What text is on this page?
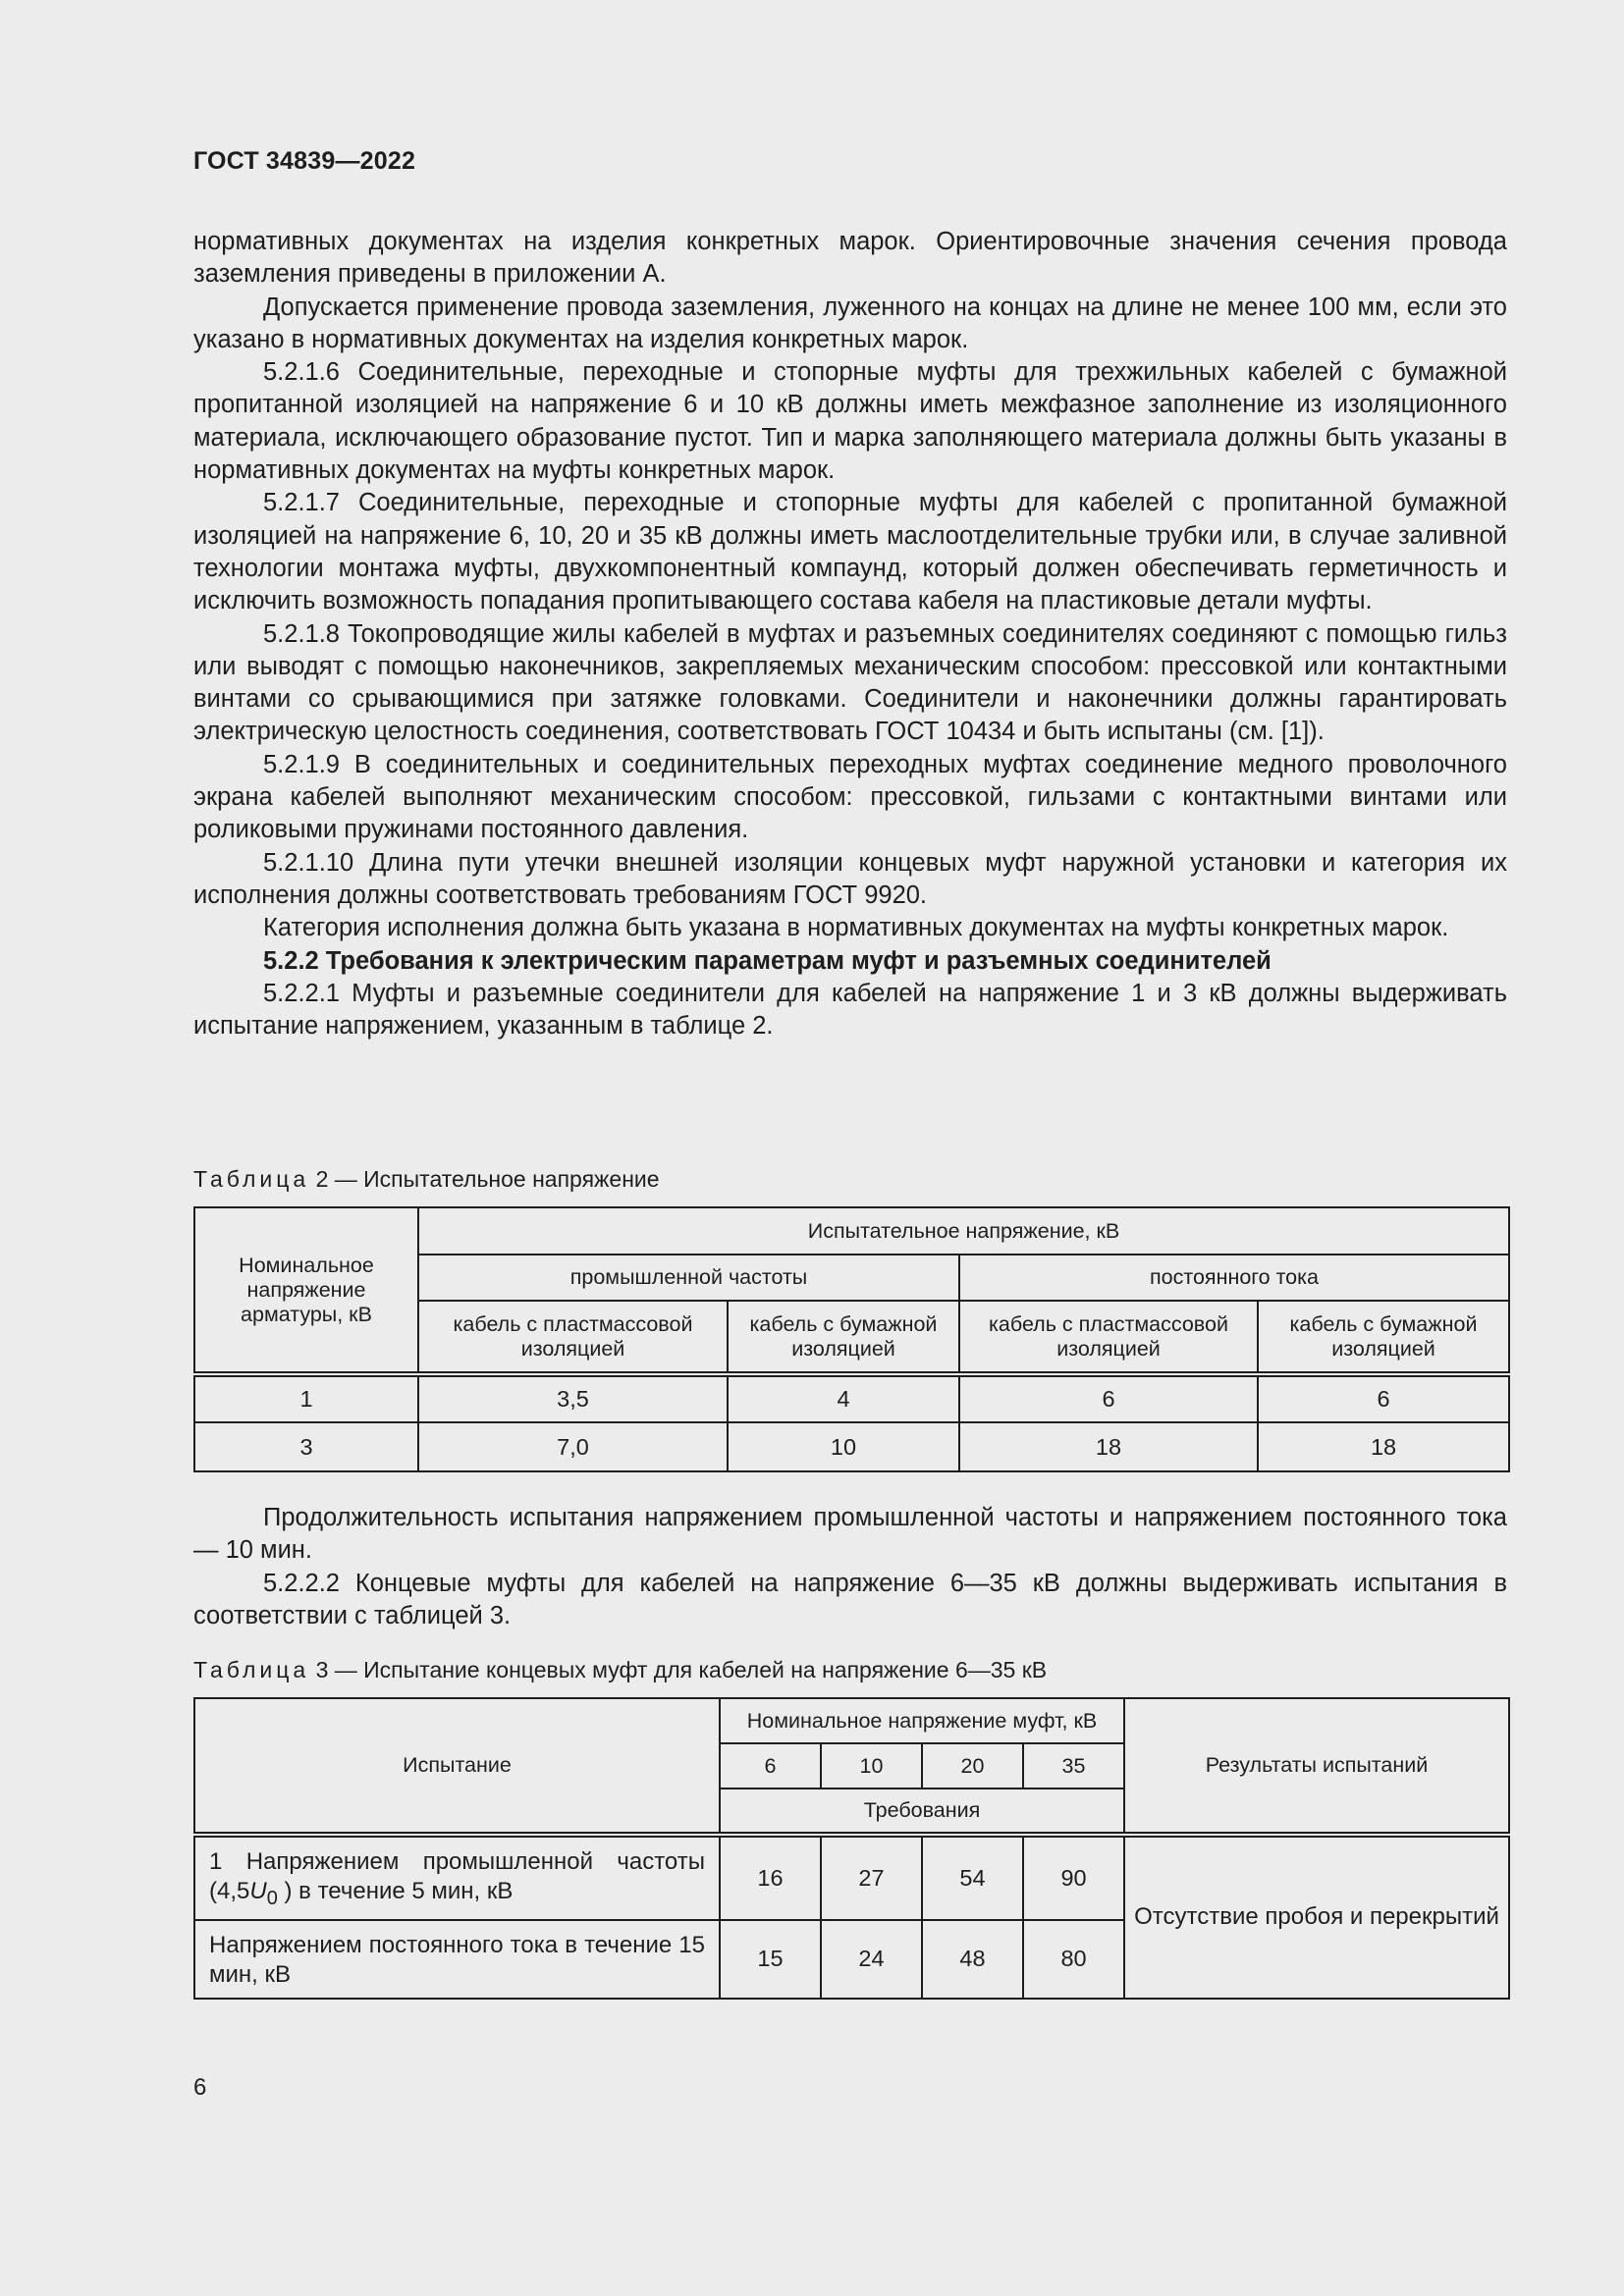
ГОСТ 34839—2022

нормативных документах на изделия конкретных марок. Ориентировочные значения сечения провода заземления приведены в приложении А.

Допускается применение провода заземления, луженного на концах на длине не менее 100 мм, если это указано в нормативных документах на изделия конкретных марок.

5.2.1.6 Соединительные, переходные и стопорные муфты для трехжильных кабелей с бумажной пропитанной изоляцией на напряжение 6 и 10 кВ должны иметь межфазное заполнение из изоляционного материала, исключающего образование пустот. Тип и марка заполняющего материала должны быть указаны в нормативных документах на муфты конкретных марок.

5.2.1.7 Соединительные, переходные и стопорные муфты для кабелей с пропитанной бумажной изоляцией на напряжение 6, 10, 20 и 35 кВ должны иметь маслоотделительные трубки или, в случае заливной технологии монтажа муфты, двухкомпонентный компаунд, который должен обеспечивать герметичность и исключить возможность попадания пропитывающего состава кабеля на пластиковые детали муфты.

5.2.1.8 Токопроводящие жилы кабелей в муфтах и разъемных соединителях соединяют с помощью гильз или выводят с помощью наконечников, закрепляемых механическим способом: прессовкой или контактными винтами со срывающимися при затяжке головками. Соединители и наконечники должны гарантировать электрическую целостность соединения, соответствовать ГОСТ 10434 и быть испытаны (см. [1]).

5.2.1.9 В соединительных и соединительных переходных муфтах соединение медного проволочного экрана кабелей выполняют механическим способом: прессовкой, гильзами с контактными винтами или роликовыми пружинами постоянного давления.

5.2.1.10 Длина пути утечки внешней изоляции концевых муфт наружной установки и категория их исполнения должны соответствовать требованиям ГОСТ 9920.

Категория исполнения должна быть указана в нормативных документах на муфты конкретных марок.

5.2.2 Требования к электрическим параметрам муфт и разъемных соединителей

5.2.2.1 Муфты и разъемные соединители для кабелей на напряжение 1 и 3 кВ должны выдерживать испытание напряжением, указанным в таблице 2.

Таблица 2 — Испытательное напряжение
Номинальное напряжение арматуры, кВ	Испытательное напряжение, кВ			
	промышленной частоты		постоянного тока	
	кабель с пластмассовой изоляцией	кабель с бумажной изоляцией	кабель с пластмассовой изоляцией	кабель с бумажной изоляцией
1	3,5	4	6	6
3	7,0	10	18	18

Продолжительность испытания напряжением промышленной частоты и напряжением постоянного тока — 10 мин.

5.2.2.2 Концевые муфты для кабелей на напряжение 6—35 кВ должны выдерживать испытания в соответствии с таблицей 3.

Таблица 3 — Испытание концевых муфт для кабелей на напряжение 6—35 кВ
Испытание	Номинальное напряжение муфт, кВ				Результаты испытаний
	6	10	20	35	
	Требования				
1 Напряжением промышленной частоты ($4,5U_0$ ) в течение 5 мин, кВ	16	27	54	90	Отсутствие пробоя и перекрытий
Напряжением постоянного тока в течение 15 мин, кВ	15	24	48	80	
6
